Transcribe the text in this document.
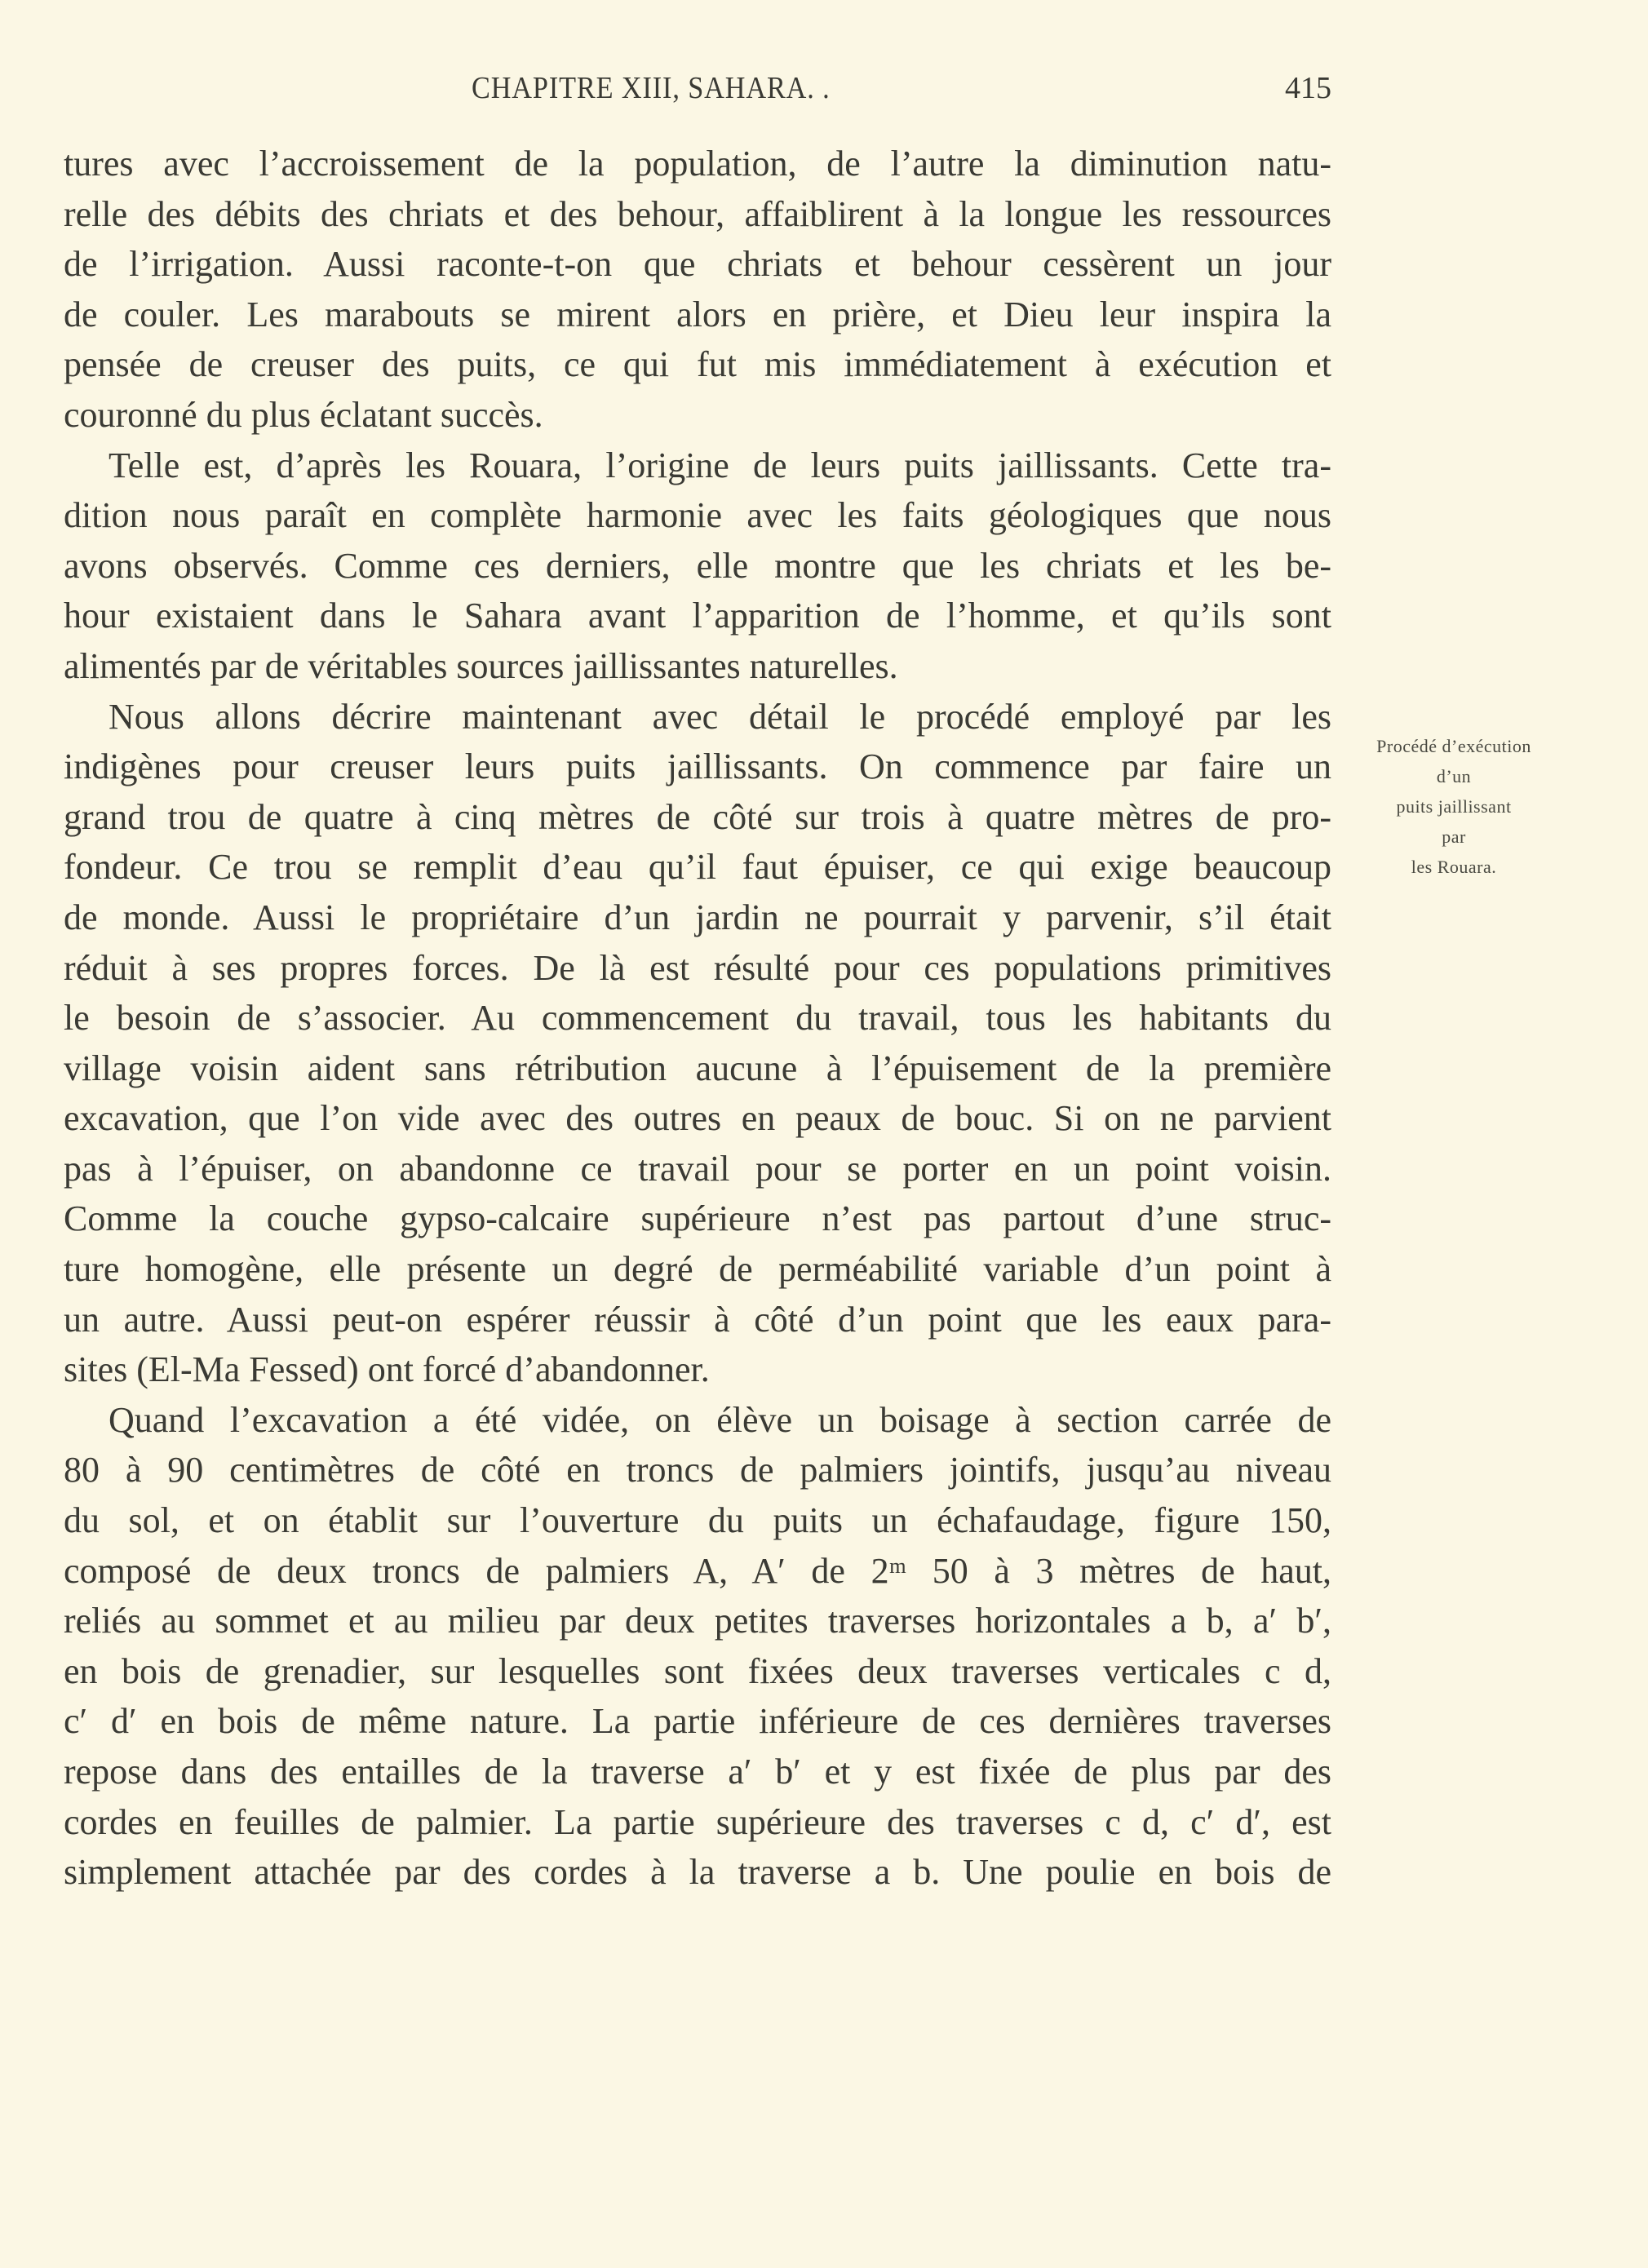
CHAPITRE XIII, SAHARA. .	415
tures avec l’accroissement de la population, de l’autre la diminution natu-
relle des débits des chriats et des behour, affaiblirent à la longue les ressources
de l’irrigation. Aussi raconte-t-on que chriats et behour cessèrent un jour
de couler. Les marabouts se mirent alors en prière, et Dieu leur inspira la
pensée de creuser des puits, ce qui fut mis immédiatement à exécution et
couronné du plus éclatant succès.
Telle est, d’après les Rouara, l’origine de leurs puits jaillissants. Cette tra-
dition nous paraît en complète harmonie avec les faits géologiques que nous
avons observés. Comme ces derniers, elle montre que les chriats et les be-
hour existaient dans le Sahara avant l’apparition de l’homme, et qu’ils sont
alimentés par de véritables sources jaillissantes naturelles.
Nous allons décrire maintenant avec détail le procédé employé par les
indigènes pour creuser leurs puits jaillissants. On commence par faire un
grand trou de quatre à cinq mètres de côté sur trois à quatre mètres de pro-
fondeur. Ce trou se remplit d’eau qu’il faut épuiser, ce qui exige beaucoup
de monde. Aussi le propriétaire d’un jardin ne pourrait y parvenir, s’il était
réduit à ses propres forces. De là est résulté pour ces populations primitives
le besoin de s’associer. Au commencement du travail, tous les habitants du
village voisin aident sans rétribution aucune à l’épuisement de la première
excavation, que l’on vide avec des outres en peaux de bouc. Si on ne parvient
pas à l’épuiser, on abandonne ce travail pour se porter en un point voisin.
Comme la couche gypso-calcaire supérieure n’est pas partout d’une struc-
ture homogène, elle présente un degré de perméabilité variable d’un point à
un autre. Aussi peut-on espérer réussir à côté d’un point que les eaux para-
sites (El-Ma Fessed) ont forcé d’abandonner.
Quand l’excavation a été vidée, on élève un boisage à section carrée de
80 à 90 centimètres de côté en troncs de palmiers jointifs, jusqu’au niveau
du sol, et on établit sur l’ouverture du puits un échafaudage, figure 150,
composé de deux troncs de palmiers A, A′ de 2ᵐ 50 à 3 mètres de haut,
reliés au sommet et au milieu par deux petites traverses horizontales a b, a′ b′,
en bois de grenadier, sur lesquelles sont fixées deux traverses verticales c d,
c′ d′ en bois de même nature. La partie inférieure de ces dernières traverses
repose dans des entailles de la traverse a′ b′ et y est fixée de plus par des
cordes en feuilles de palmier. La partie supérieure des traverses c d, c′ d′, est
simplement attachée par des cordes à la traverse a b. Une poulie en bois de
Procédé d’exécution
d’un
puits jaillissant
par
les Rouara.
